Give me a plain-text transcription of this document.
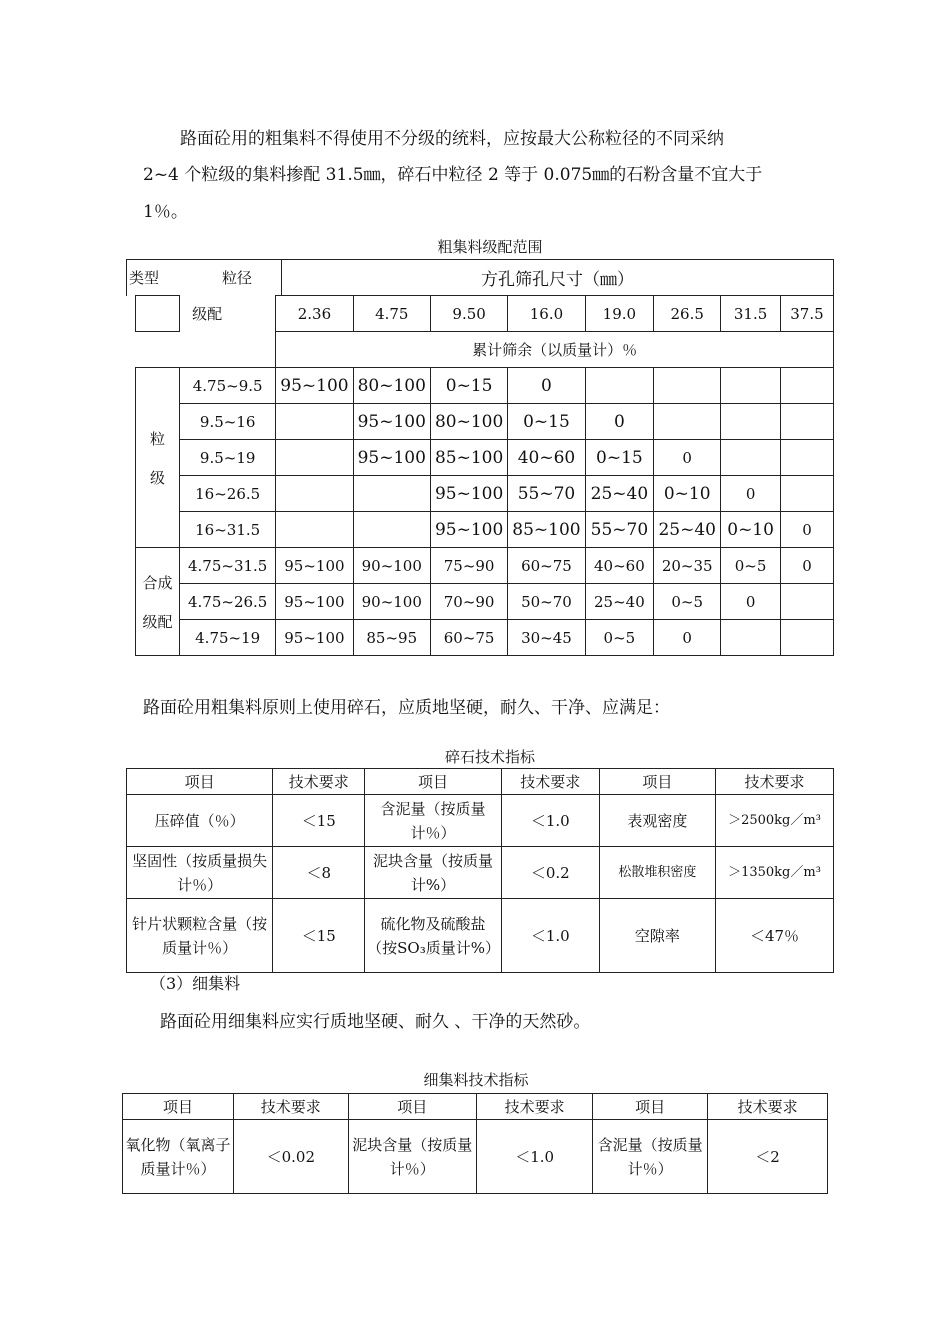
路面砼用的粗集料不得使用不分级的统料，应按最大公称粒径的不同采纳
2~4 个粒级的集料掺配 31.5㎜，碎石中粒径 2 等于 0.075㎜的石粉含量不宜大于
1％。
粗集料级配范围
类型	粒径	方孔筛孔尺寸（㎜）
	级配	2.36	4.75	9.50	16.0	19.0	26.5	31.5	37.5
		累计筛余（以质量计）％							
粒

级	4.75~9.5	95~100	80~100	0~15	0				
	9.5~16		95~100	80~100	0~15	0			
	9.5~19		95~100	85~100	40~60	0~15	0		
	16~26.5			95~100	55~70	25~40	0~10	0	
	16~31.5			95~100	85~100	55~70	25~40	0~10	0
合成

级配	4.75~31.5	95~100	90~100	75~90	60~75	40~60	20~35	0~5	0
	4.75~26.5	95~100	90~100	70~90	50~70	25~40	0~5	0	
	4.75~19	95~100	85~95	60~75	30~45	0~5	0		
路面砼用粗集料原则上使用碎石，应质地坚硬，耐久、干净、应满足：
碎石技术指标
项目	技术要求	项目	技术要求	项目	技术要求
压碎值（％）	＜15	含泥量（按质量计％）	＜1.0	表观密度	＞2500kg／m³
坚固性（按质量损失计％）	＜8	泥块含量（按质量计%）	＜0.2	松散堆积密度	＞1350kg／m³
针片状颗粒含量（按质量计％）	＜15	硫化物及硫酸盐（按SO₃质量计%）	＜1.0	空隙率	＜47％
（3）细集料
路面砼用细集料应实行质地坚硬、耐久 、干净的天然砂。
细集料技术指标
项目	技术要求	项目	技术要求	项目	技术要求
氧化物（氧离子质量计％）	＜0.02	泥块含量（按质量计％）	＜1.0	含泥量（按质量计％）	＜2
